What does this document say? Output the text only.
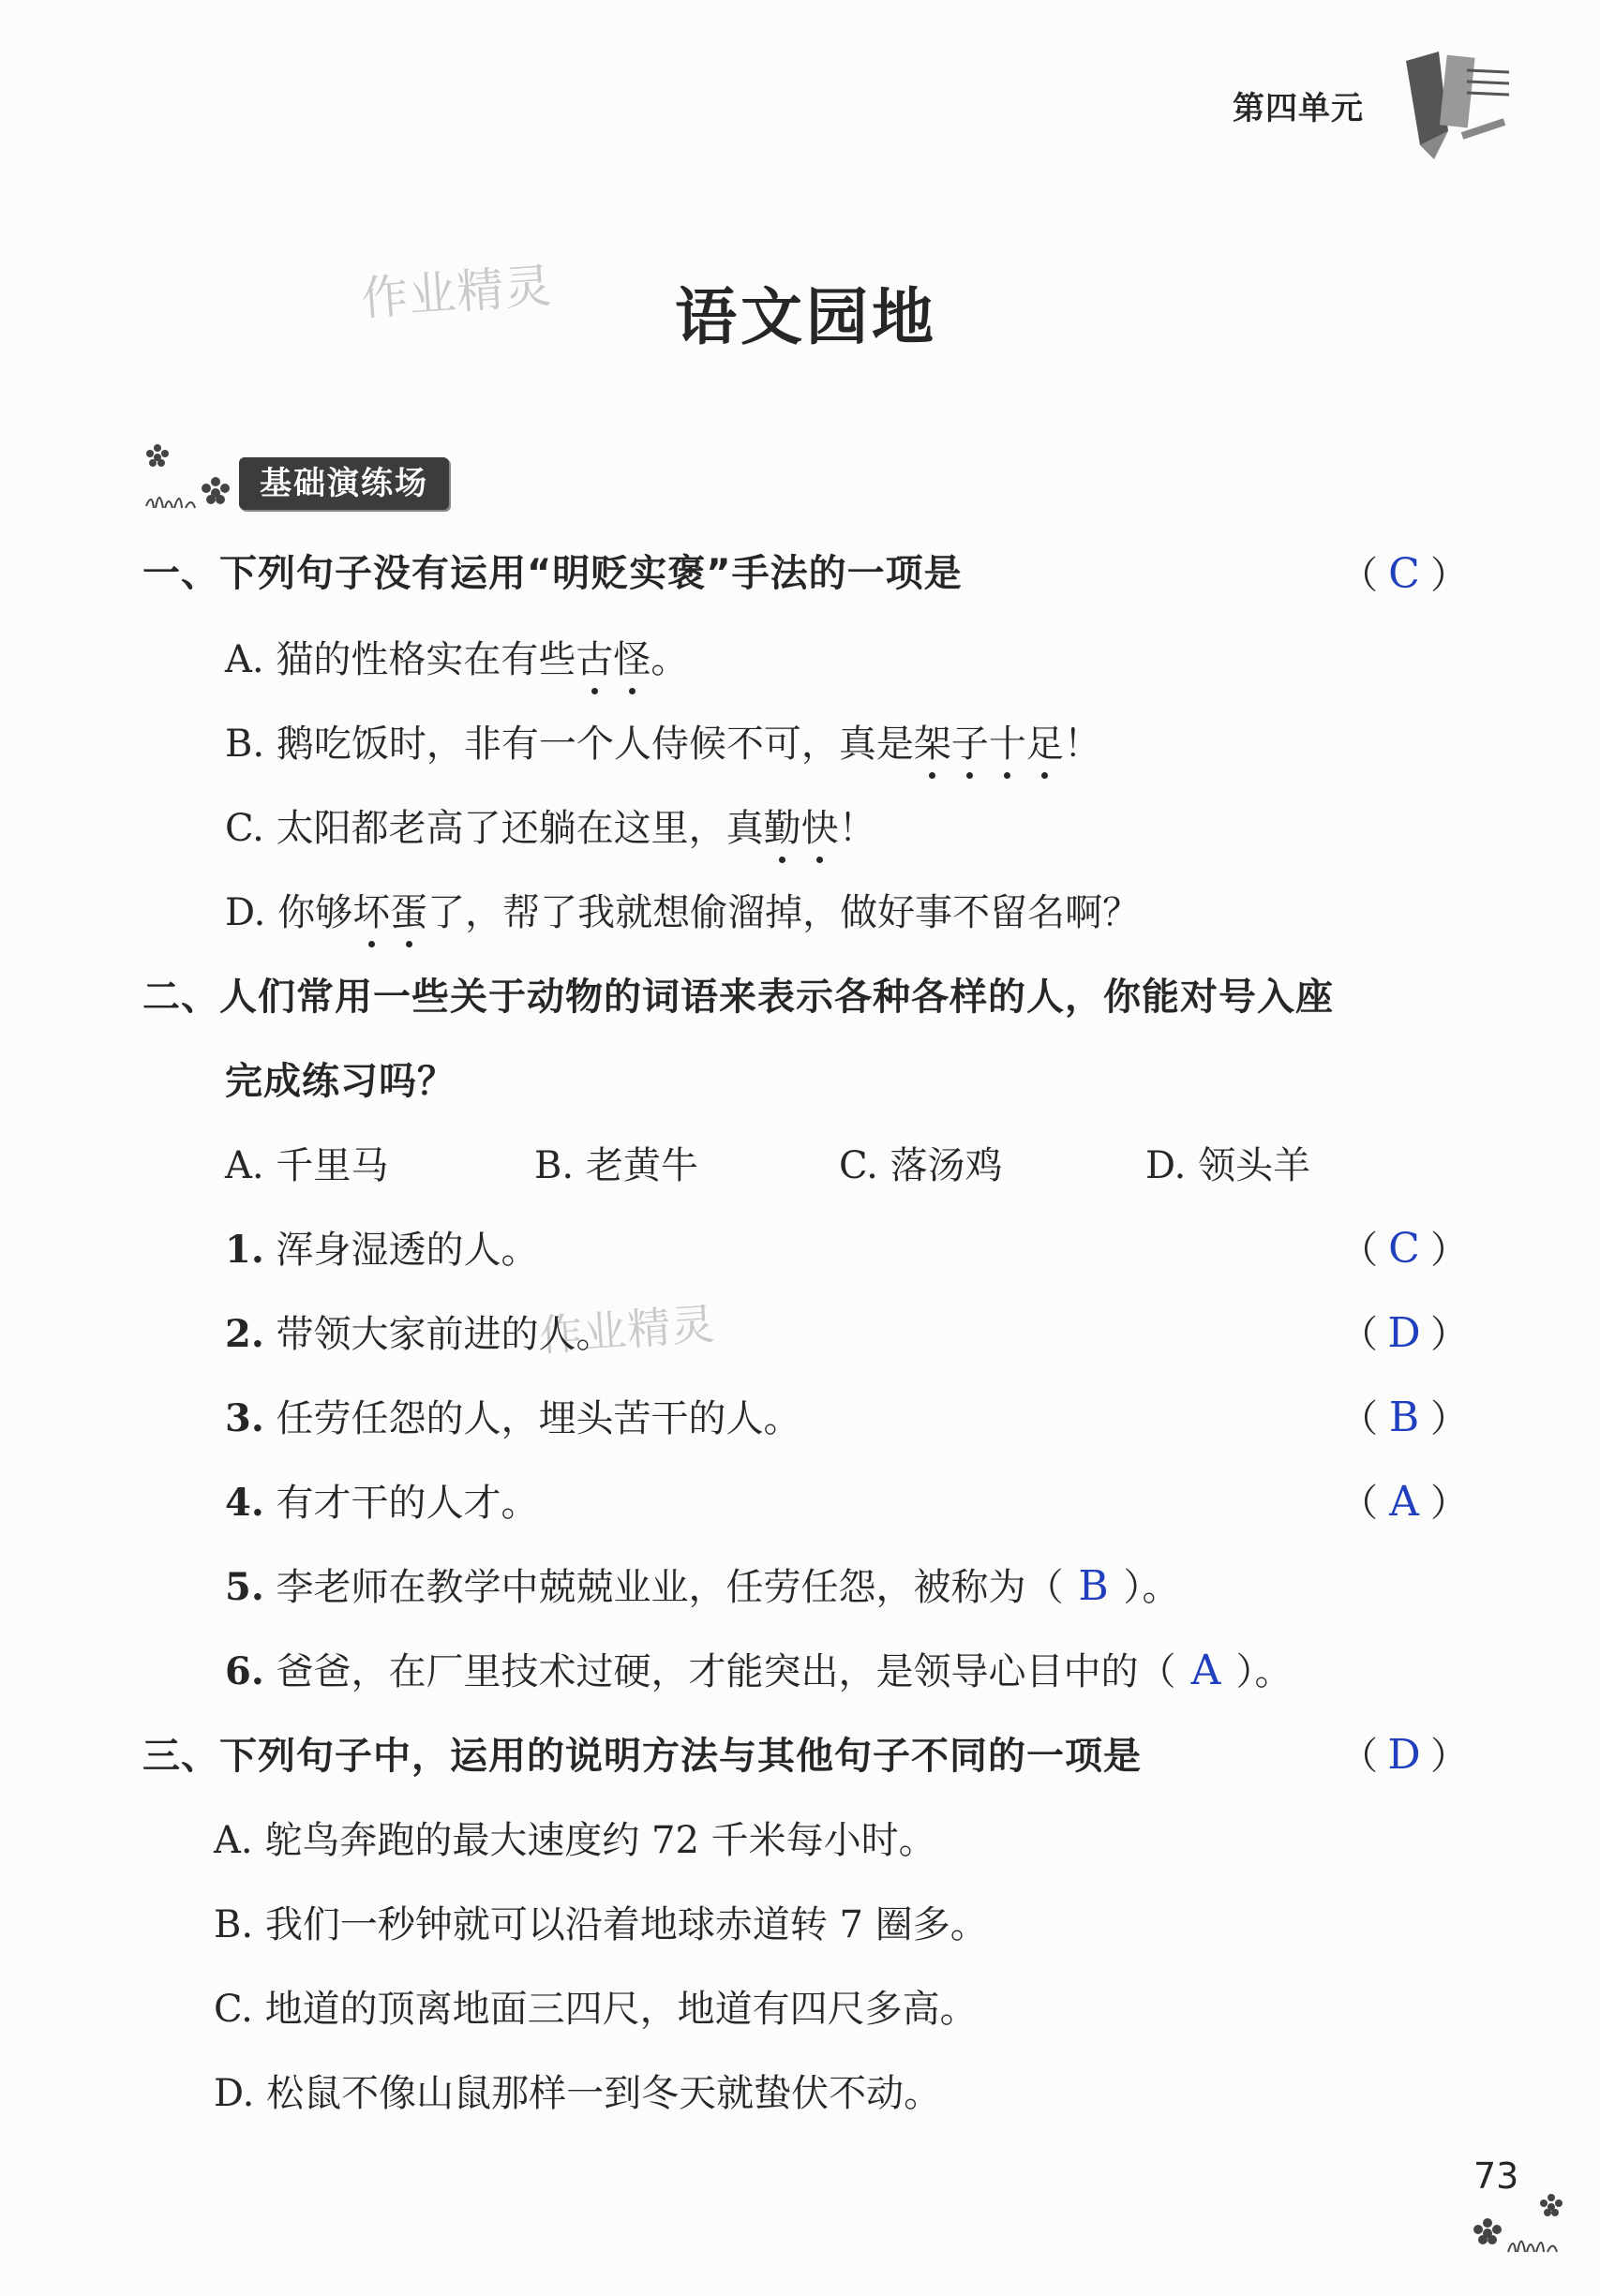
第四单元
作业精灵
作业精灵
语文园地
基础演练场
一、下列句子没有运用“明贬实褒”手法的一项是	（ C ）
A. 猫的性格实在有些古怪。
B. 鹅吃饭时，非有一个人侍候不可，真是架子十足！
C. 太阳都老高了还躺在这里，真勤快！
D. 你够坏蛋了，帮了我就想偷溜掉，做好事不留名啊？
二、人们常用一些关于动物的词语来表示各种各样的人，你能对号入座
完成练习吗？
A. 千里马	B. 老黄牛	C. 落汤鸡	D. 领头羊
1. 浑身湿透的人。	（ C ）
2. 带领大家前进的人。	（ D ）
3. 任劳任怨的人，埋头苦干的人。	（ B ）
4. 有才干的人才。	（ A ）
5. 李老师在教学中兢兢业业，任劳任怨，被称为（ B ）。
6. 爸爸，在厂里技术过硬，才能突出，是领导心目中的（ A ）。
三、下列句子中，运用的说明方法与其他句子不同的一项是	（ D ）
A. 鸵鸟奔跑的最大速度约 72 千米每小时。
B. 我们一秒钟就可以沿着地球赤道转 7 圈多。
C. 地道的顶离地面三四尺，地道有四尺多高。
D. 松鼠不像山鼠那样一到冬天就蛰伏不动。
73
